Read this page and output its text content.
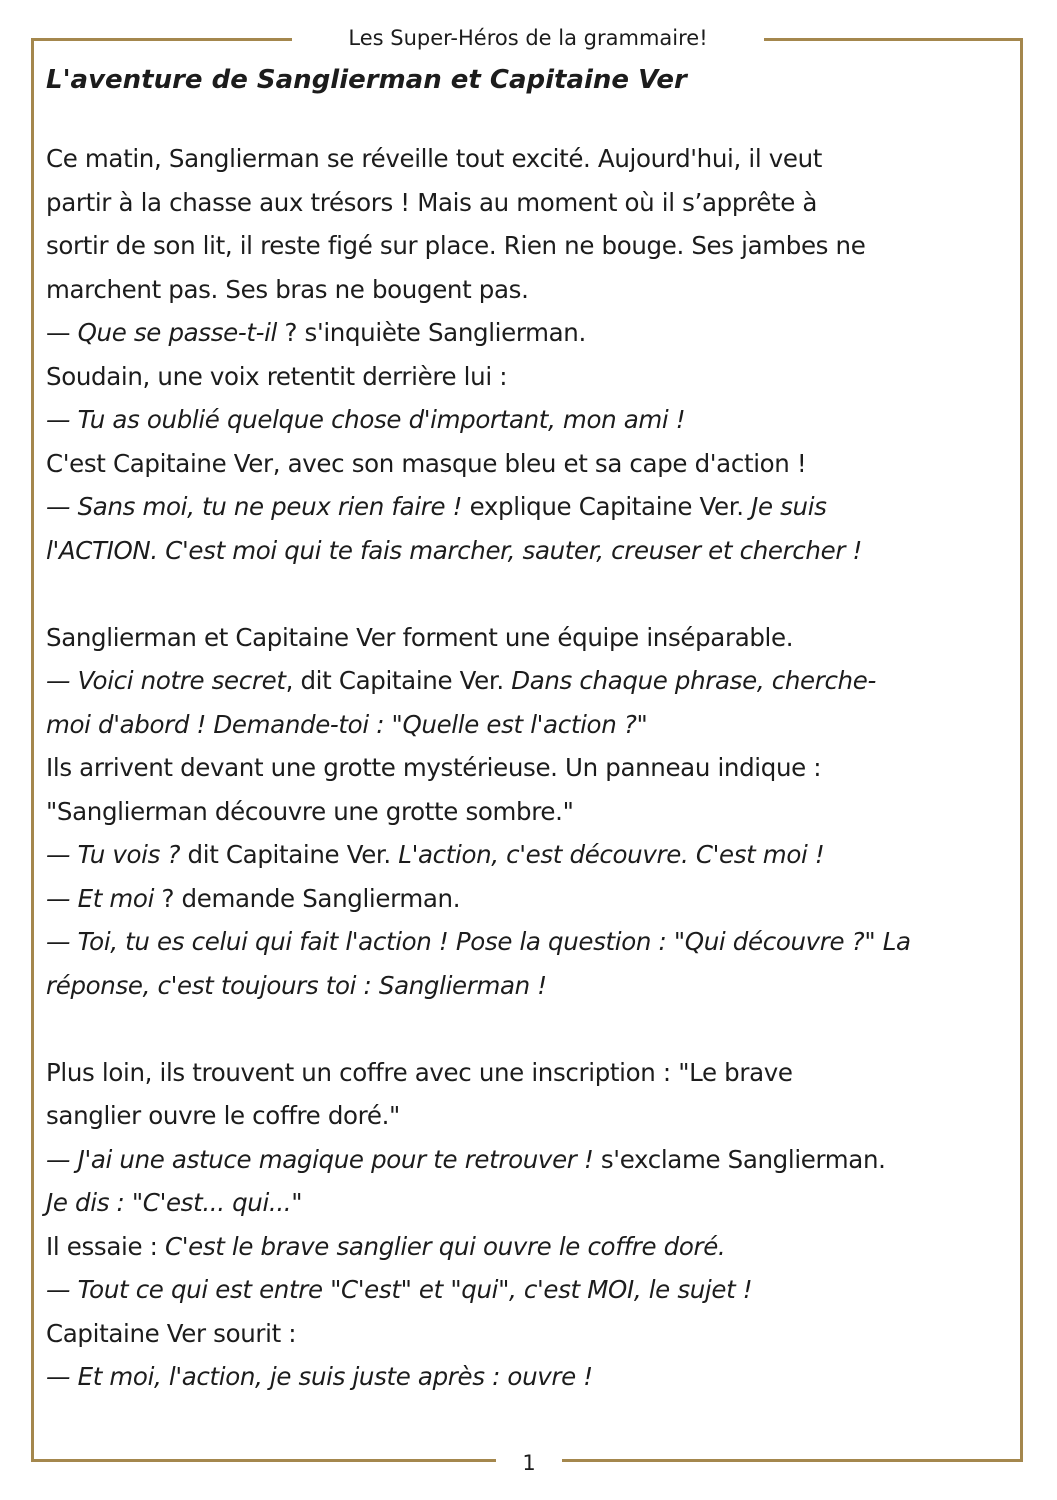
Les Super-Héros de la grammaire!
L'aventure de Sanglierman et Capitaine Ver
Ce matin, Sanglierman se réveille tout excité. Aujourd'hui, il veut
partir à la chasse aux trésors ! Mais au moment où il s’apprête à
sortir de son lit, il reste figé sur place. Rien ne bouge. Ses jambes ne
marchent pas. Ses bras ne bougent pas.
— Que se passe-t-il ? s'inquiète Sanglierman.
Soudain, une voix retentit derrière lui :
— Tu as oublié quelque chose d'important, mon ami !
C'est Capitaine Ver, avec son masque bleu et sa cape d'action !
— Sans moi, tu ne peux rien faire ! explique Capitaine Ver. Je suis
l'ACTION. C'est moi qui te fais marcher, sauter, creuser et chercher !
Sanglierman et Capitaine Ver forment une équipe inséparable.
— Voici notre secret, dit Capitaine Ver. Dans chaque phrase, cherche-
moi d'abord ! Demande-toi : "Quelle est l'action ?"
Ils arrivent devant une grotte mystérieuse. Un panneau indique :
"Sanglierman découvre une grotte sombre."
— Tu vois ? dit Capitaine Ver. L'action, c'est découvre. C'est moi !
— Et moi ? demande Sanglierman.
— Toi, tu es celui qui fait l'action ! Pose la question : "Qui découvre ?" La
réponse, c'est toujours toi : Sanglierman !
Plus loin, ils trouvent un coffre avec une inscription : "Le brave
sanglier ouvre le coffre doré."
— J'ai une astuce magique pour te retrouver ! s'exclame Sanglierman.
Je dis : "C'est... qui..."
Il essaie : C'est le brave sanglier qui ouvre le coffre doré.
— Tout ce qui est entre "C'est" et "qui", c'est MOI, le sujet !
Capitaine Ver sourit :
— Et moi, l'action, je suis juste après : ouvre !
1
